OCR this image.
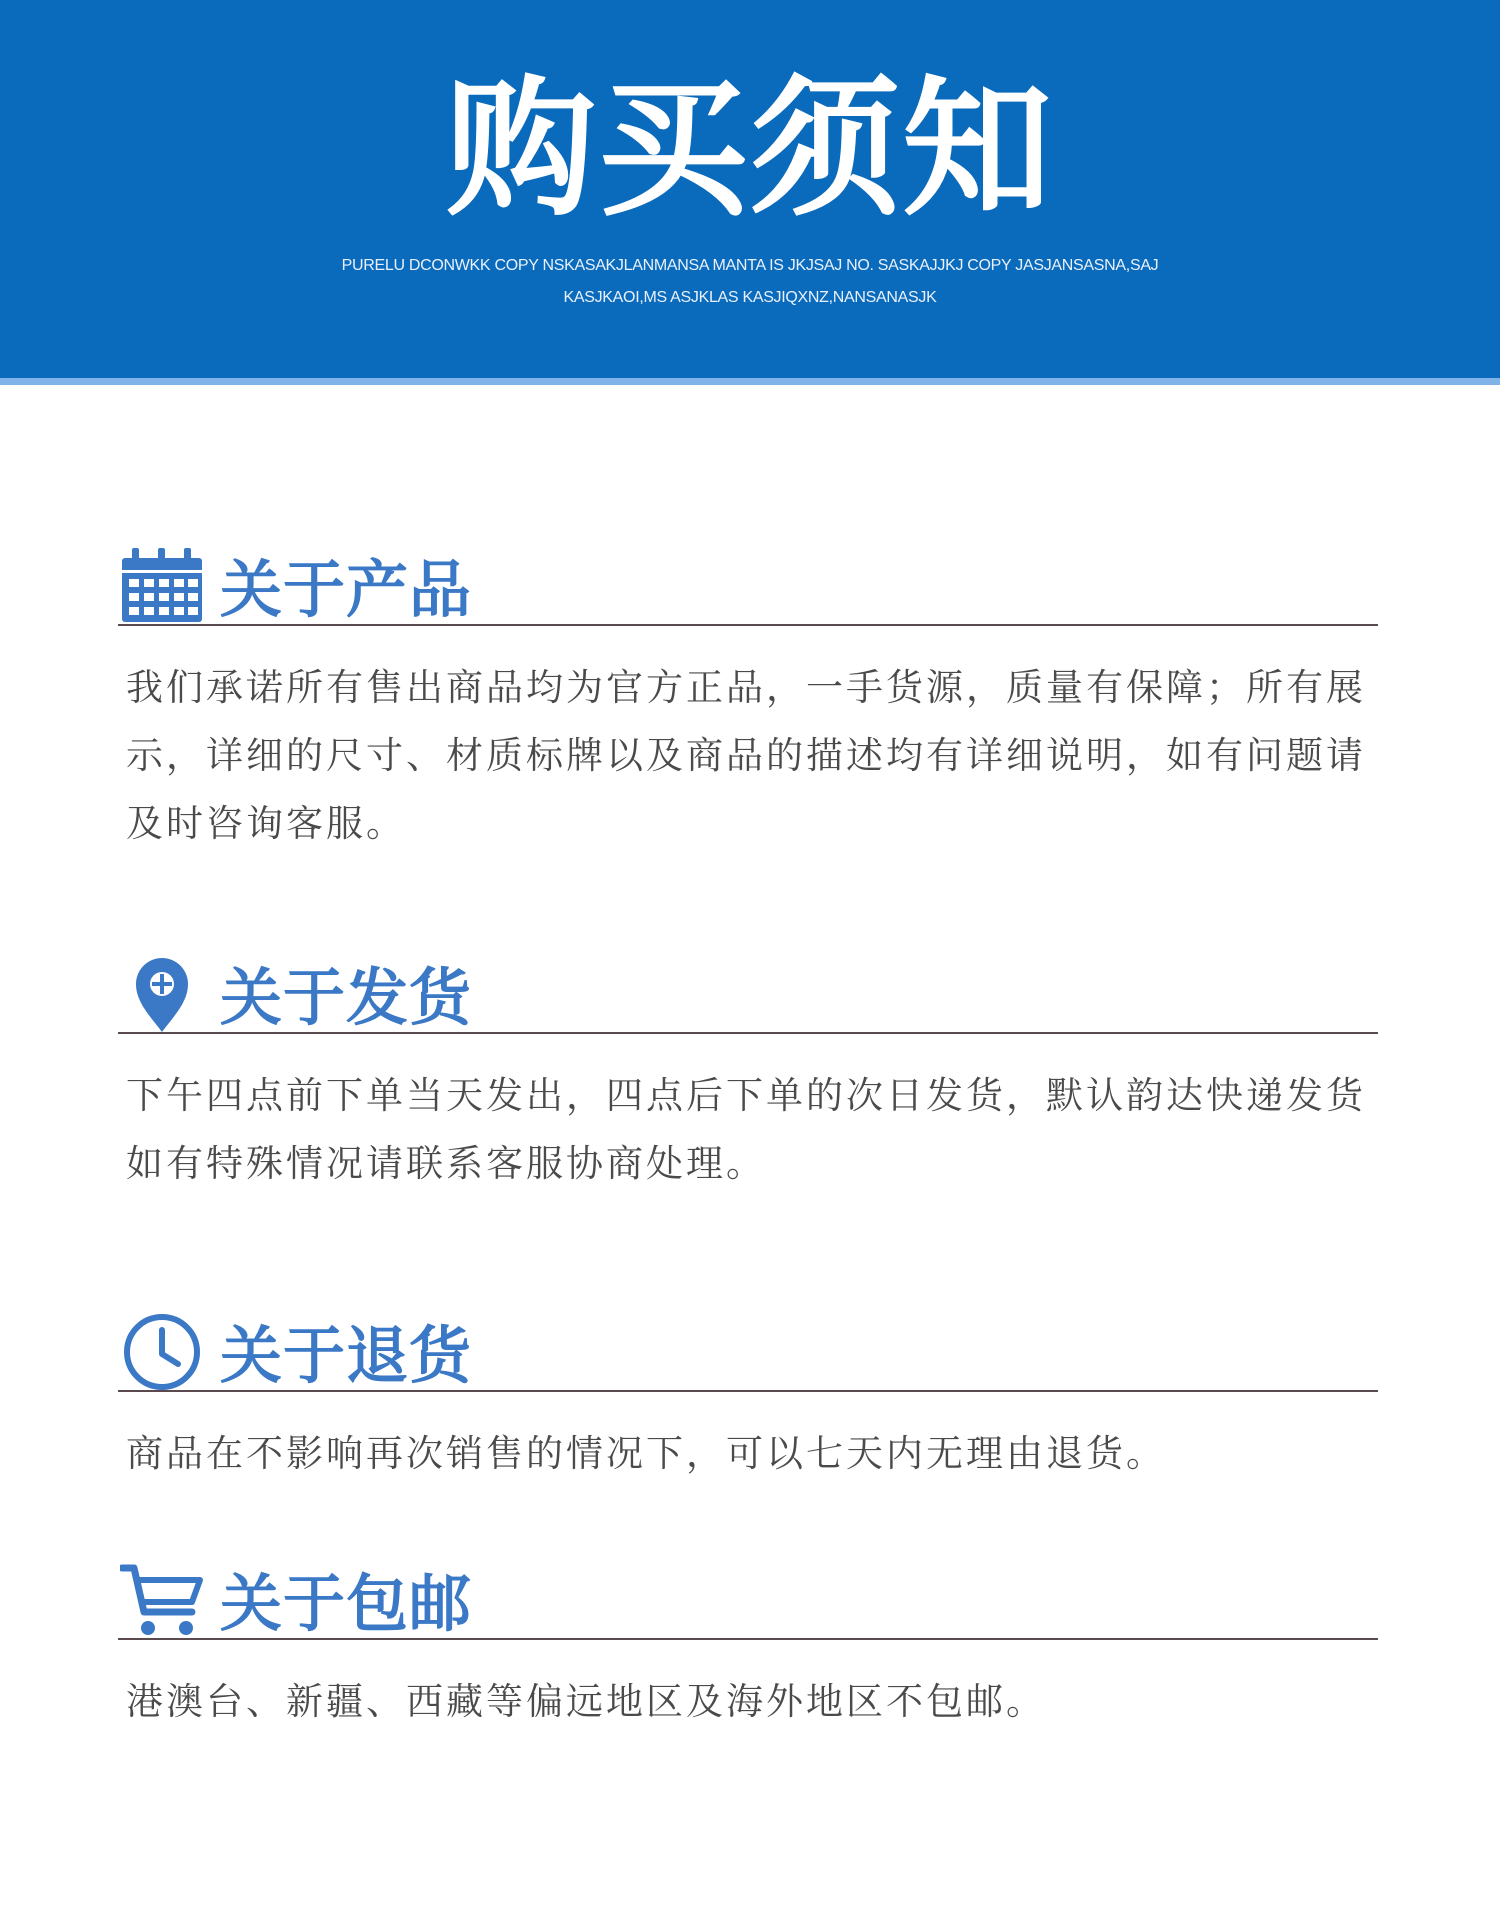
购买须知
PURELU DCONWKK COPY NSKASAKJLANMANSA MANTA IS JKJSAJ NO. SASKAJJKJ COPY JASJANSASNA,SAJ
KASJKAOI,MS ASJKLAS KASJIQXNZ,NANSANASJK
关于产品
我们承诺所有售出商品均为官方正品，一手货源，质量有保障；所有展示，详细的尺寸、材质标牌以及商品的描述均有详细说明，如有问题请及时咨询客服。
关于发货
下午四点前下单当天发出，四点后下单的次日发货，默认韵达快递发货如有特殊情况请联系客服协商处理。
关于退货
商品在不影响再次销售的情况下，可以七天内无理由退货。
关于包邮
港澳台、新疆、西藏等偏远地区及海外地区不包邮。
